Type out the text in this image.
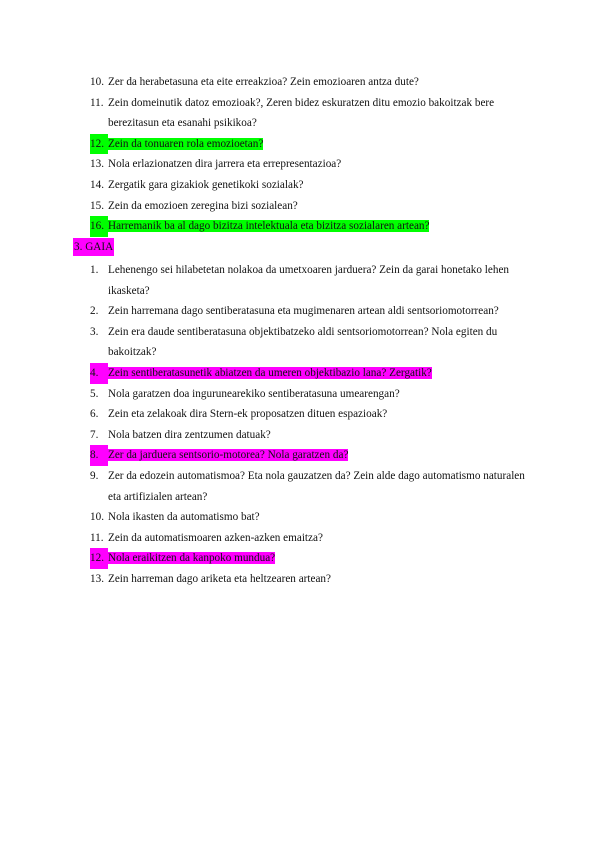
10. Zer da herabetasuna eta eite erreakzioa? Zein emozioaren antza dute?

11. Zein domeinutik datoz emozioak?, Zeren bidez eskuratzen ditu emozio bakoitzak bere berezitasun eta esanahi psikikoa?

12. Zein da tonuaren rola emozioetan?

13. Nola erlazionatzen dira jarrera eta errepresentazioa?

14. Zergatik gara gizakiok genetikoki sozialak?

15. Zein da emozioen zeregina bizi sozialean?

16. Harremanik ba al dago bizitza intelektuala eta bizitza sozialaren artean?

3. GAIA

1. Lehenengo sei hilabetetan nolakoa da umetxoaren jarduera? Zein da garai honetako lehen ikasketa?

2. Zein harremana dago sentiberatasuna eta mugimenaren artean aldi sentsoriomotorrean?

3. Zein era daude sentiberatasuna objektibatzeko aldi sentsoriomotorrean? Nola egiten du bakoitzak?

4. Zein sentiberatasunetik abiatzen da umeren objektibazio lana? Zergatik?

5. Nola garatzen doa ingurunearekiko sentiberatasuna umearengan?

6. Zein eta zelakoak dira Stern-ek proposatzen dituen espazioak?

7. Nola batzen dira zentzumen datuak?

8. Zer da jarduera sentsorio-motorea? Nola garatzen da?

9. Zer da edozein automatismoa? Eta nola gauzatzen da? Zein alde dago automatismo naturalen eta artifizialen artean?

10. Nola ikasten da automatismo bat?

11. Zein da automatismoaren azken-azken emaitza?

12. Nola eraikitzen da kanpoko mundua?

13. Zein harreman dago ariketa eta heltzearen artean?
